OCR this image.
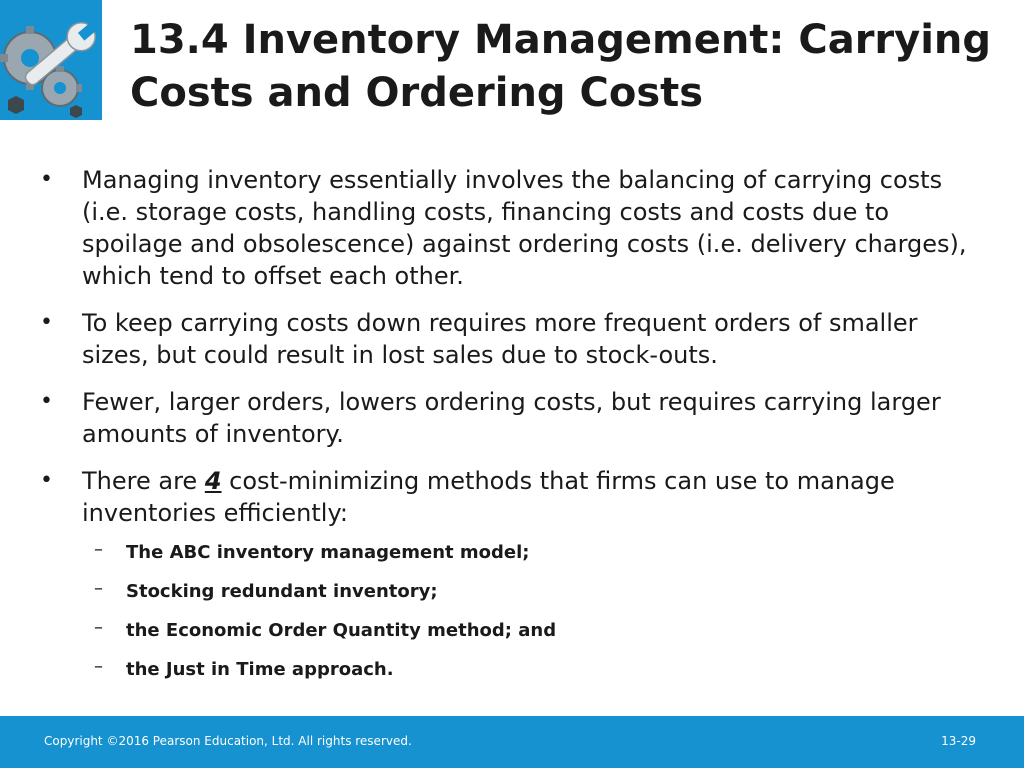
13.4 Inventory Management: Carrying Costs and Ordering Costs
• Managing inventory essentially involves the balancing of carrying costs (i.e. storage costs, handling costs, financing costs and costs due to spoilage and obsolescence) against ordering costs (i.e. delivery charges), which tend to offset each other.
• To keep carrying costs down requires more frequent orders of smaller sizes, but could result in lost sales due to stock-outs.
• Fewer, larger orders, lowers ordering costs, but requires carrying larger amounts of inventory.
• There are 4 cost-minimizing methods that firms can use to manage inventories efficiently:
– The ABC inventory management model;
– Stocking redundant inventory;
– the Economic Order Quantity method; and
– the Just in Time approach.
Copyright ©2016 Pearson Education, Ltd. All rights reserved.	13-29
